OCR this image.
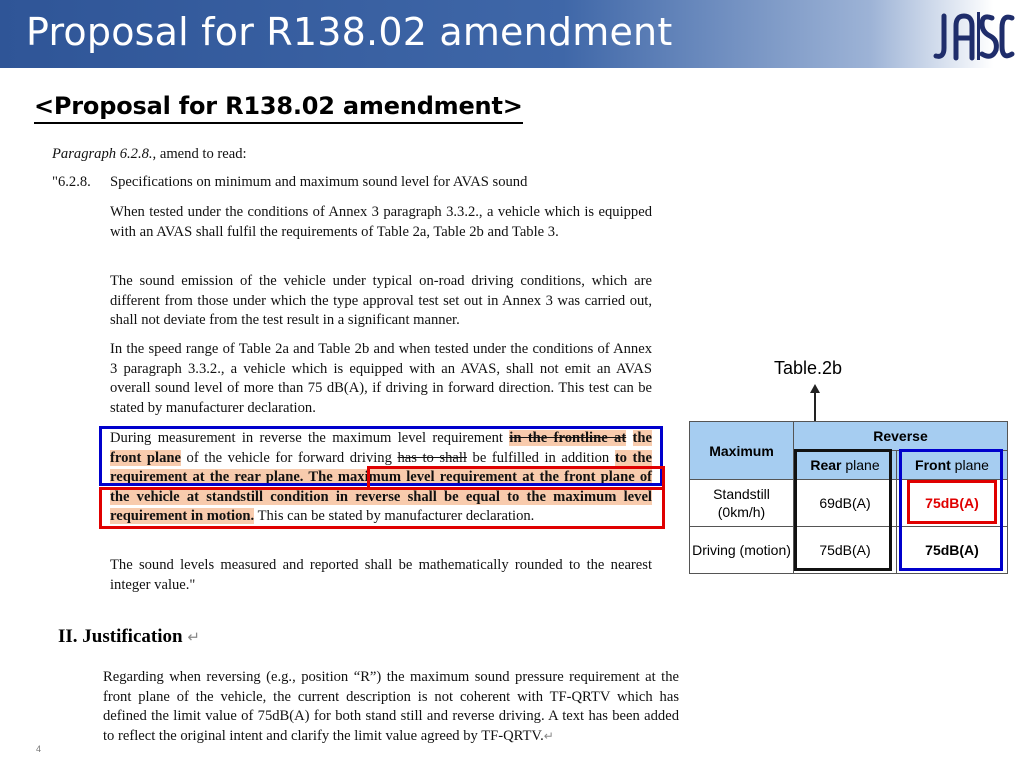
Proposal for R138.02 amendment
<Proposal for R138.02 amendment>
Paragraph 6.2.8., amend to read:
"6.2.8. Specifications on minimum and maximum sound level for AVAS sound
When tested under the conditions of Annex 3 paragraph 3.3.2., a vehicle which is equipped with an AVAS shall fulfil the requirements of Table 2a, Table 2b and Table 3.
The sound emission of the vehicle under typical on-road driving conditions, which are different from those under which the type approval test set out in Annex 3 was carried out, shall not deviate from the test result in a significant manner.
In the speed range of Table 2a and Table 2b and when tested under the conditions of Annex 3 paragraph 3.3.2., a vehicle which is equipped with an AVAS, shall not emit an AVAS overall sound level of more than 75 dB(A), if driving in forward direction. This test can be stated by manufacturer declaration.
During measurement in reverse the maximum level requirement in the frontline at the front plane of the vehicle for forward driving has to shall be fulfilled in addition to the requirement at the rear plane. The maximum level requirement at the front plane of the vehicle at standstill condition in reverse shall be equal to the maximum level requirement in motion. This can be stated by manufacturer declaration.
The sound levels measured and reported shall be mathematically rounded to the nearest integer value."
II. Justification ↵
Regarding when reversing (e.g., position “R”) the maximum sound pressure requirement at the front plane of the vehicle, the current description is not coherent with TF-QRTV which has defined the limit value of 75dB(A) for both stand still and reverse driving. A text has been added to reflect the original intent and clarify the limit value agreed by TF-QRTV.↵
4
Table.2b
Maximum	Reverse	
	Rear plane	Front plane
Standstill (0km/h)	69dB(A)	75dB(A)
Driving (motion)	75dB(A)	75dB(A)
